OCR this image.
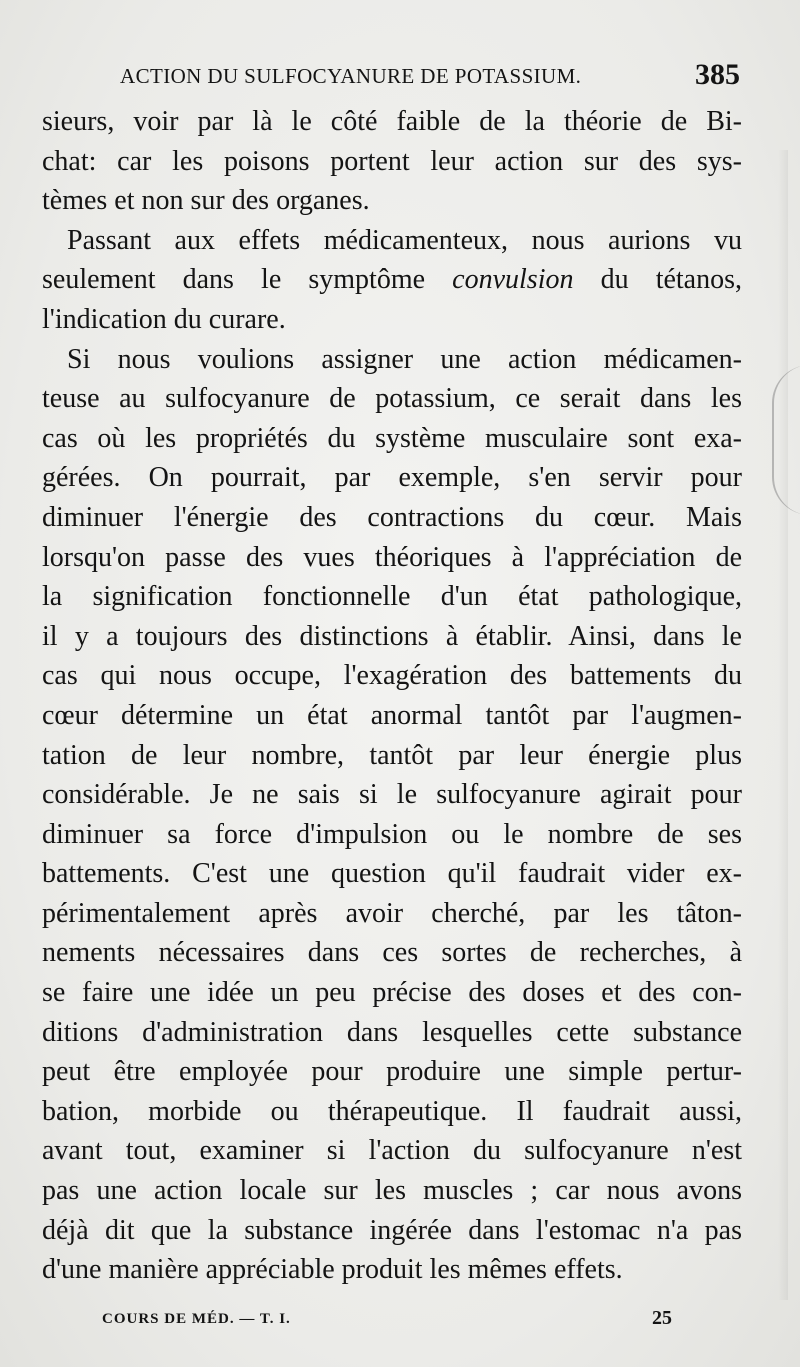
ACTION DU SULFOCYANURE DE POTASSIUM.	385
sieurs, voir par là le côté faible de la théorie de Bi-
chat: car les poisons portent leur action sur des sys-
tèmes et non sur des organes.
Passant aux effets médicamenteux, nous aurions vu
seulement dans le symptôme convulsion du tétanos,
l'indication du curare.
Si nous voulions assigner une action médicamen-
teuse au sulfocyanure de potassium, ce serait dans les
cas où les propriétés du système musculaire sont exa-
gérées. On pourrait, par exemple, s'en servir pour
diminuer l'énergie des contractions du cœur. Mais
lorsqu'on passe des vues théoriques à l'appréciation de
la signification fonctionnelle d'un état pathologique,
il y a toujours des distinctions à établir. Ainsi, dans le
cas qui nous occupe, l'exagération des battements du
cœur détermine un état anormal tantôt par l'augmen-
tation de leur nombre, tantôt par leur énergie plus
considérable. Je ne sais si le sulfocyanure agirait pour
diminuer sa force d'impulsion ou le nombre de ses
battements. C'est une question qu'il faudrait vider ex-
périmentalement après avoir cherché, par les tâton-
nements nécessaires dans ces sortes de recherches, à
se faire une idée un peu précise des doses et des con-
ditions d'administration dans lesquelles cette substance
peut être employée pour produire une simple pertur-
bation, morbide ou thérapeutique. Il faudrait aussi,
avant tout, examiner si l'action du sulfocyanure n'est
pas une action locale sur les muscles ; car nous avons
déjà dit que la substance ingérée dans l'estomac n'a pas
d'une manière appréciable produit les mêmes effets.
COURS DE MÉD. — T. I.	25
